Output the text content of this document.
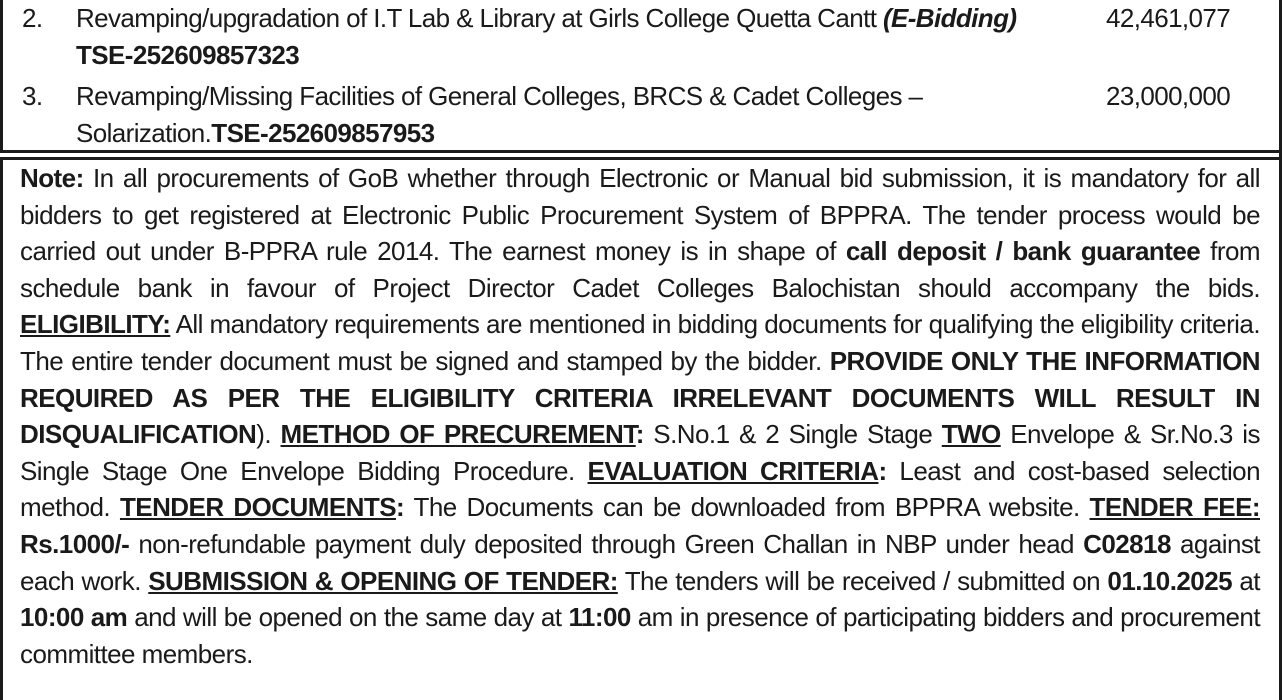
2. Revamping/upgradation of I.T Lab & Library at Girls College Quetta Cantt (E-Bidding)
TSE-252609857323
42,461,077
3. Revamping/Missing Facilities of General Colleges, BRCS & Cadet Colleges –
Solarization.TSE-252609857953
23,000,000

Note: In all procurements of GoB whether through Electronic or Manual bid submission, it is mandatory for all bidders to get registered at Electronic Public Procurement System of BPPRA. The tender process would be carried out under B-PPRA rule 2014. The earnest money is in shape of call deposit / bank guarantee from schedule bank in favour of Project Director Cadet Colleges Balochistan should accompany the bids. ELIGIBILITY: All mandatory requirements are mentioned in bidding documents for qualifying the eligibility criteria. The entire tender document must be signed and stamped by the bidder. PROVIDE ONLY THE INFORMATION REQUIRED AS PER THE ELIGIBILITY CRITERIA IRRELEVANT DOCUMENTS WILL RESULT IN DISQUALIFICATION). METHOD OF PRECUREMENT: S.No.1 & 2 Single Stage TWO Envelope & Sr.No.3 is Single Stage One Envelope Bidding Procedure. EVALUATION CRITERIA: Least and cost-based selection method. TENDER DOCUMENTS: The Documents can be downloaded from BPPRA website. TENDER FEE: Rs.1000/- non-refundable payment duly deposited through Green Challan in NBP under head C02818 against each work. SUBMISSION & OPENING OF TENDER: The tenders will be received / submitted on 01.10.2025 at 10:00 am and will be opened on the same day at 11:00 am in presence of participating bidders and procurement committee members.
